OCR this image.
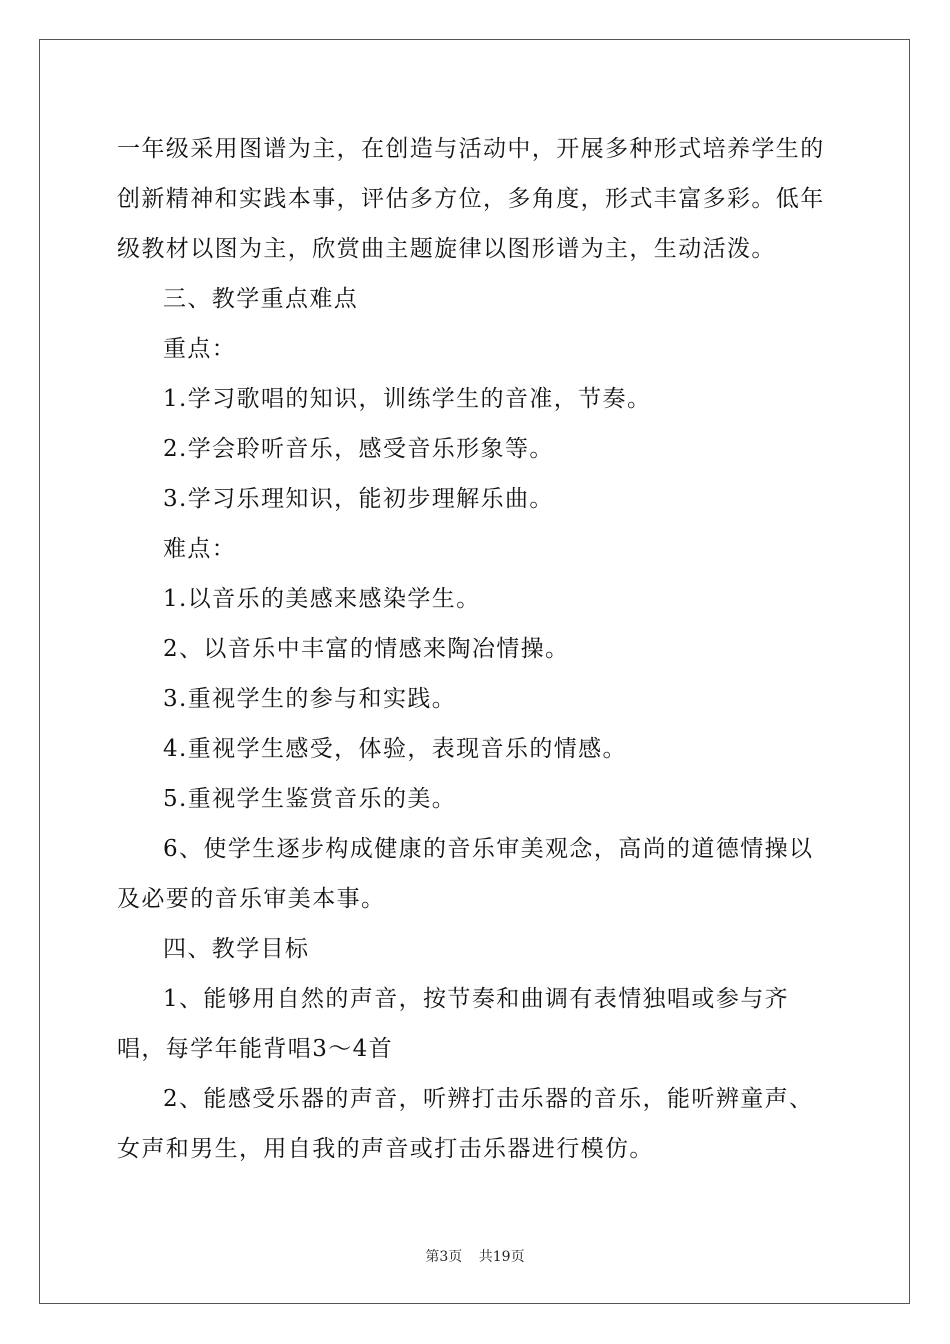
一年级采用图谱为主，在创造与活动中，开展多种形式培养学生的创新精神和实践本事，评估多方位，多角度，形式丰富多彩。低年级教材以图为主，欣赏曲主题旋律以图形谱为主，生动活泼。

三、教学重点难点

重点：

1.学习歌唱的知识，训练学生的音准，节奏。

2.学会聆听音乐，感受音乐形象等。

3.学习乐理知识，能初步理解乐曲。

难点：

1.以音乐的美感来感染学生。

2、以音乐中丰富的情感来陶冶情操。

3.重视学生的参与和实践。

4.重视学生感受，体验，表现音乐的情感。

5.重视学生鉴赏音乐的美。

6、使学生逐步构成健康的音乐审美观念，高尚的道德情操以及必要的音乐审美本事。

四、教学目标

1、能够用自然的声音，按节奏和曲调有表情独唱或参与齐唱，每学年能背唱3～4首

2、能感受乐器的声音，听辨打击乐器的音乐，能听辨童声、女声和男生，用自我的声音或打击乐器进行模仿。

第3页 共19页
